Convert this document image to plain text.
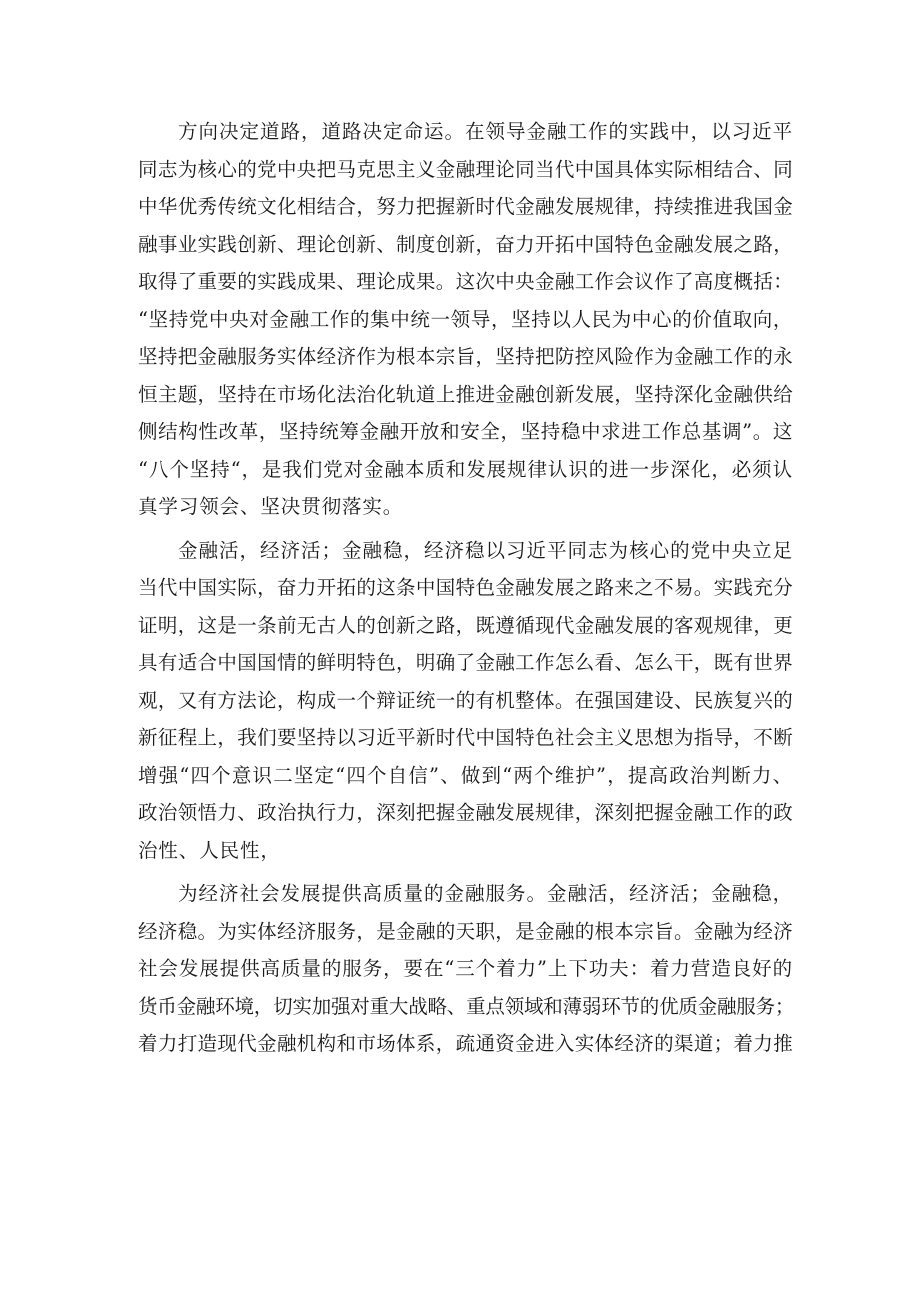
方向决定道路，道路决定命运。在领导金融工作的实践中，以习近平
同志为核心的党中央把马克思主义金融理论同当代中国具体实际相结合、同
中华优秀传统文化相结合，努力把握新时代金融发展规律，持续推进我国金
融事业实践创新、理论创新、制度创新，奋力开拓中国特色金融发展之路，
取得了重要的实践成果、理论成果。这次中央金融工作会议作了高度概括：
“坚持党中央对金融工作的集中统一领导，坚持以人民为中心的价值取向，
坚持把金融服务实体经济作为根本宗旨，坚持把防控风险作为金融工作的永
恒主题，坚持在市场化法治化轨道上推进金融创新发展，坚持深化金融供给
侧结构性改革，坚持统筹金融开放和安全，坚持稳中求进工作总基调”。这
“八个坚持“，是我们党对金融本质和发展规律认识的进一步深化，必须认
真学习领会、坚决贯彻落实。
金融活，经济活；金融稳，经济稳以习近平同志为核心的党中央立足
当代中国实际，奋力开拓的这条中国特色金融发展之路来之不易。实践充分
证明，这是一条前无古人的创新之路，既遵循现代金融发展的客观规律，更
具有适合中国国情的鲜明特色，明确了金融工作怎么看、怎么干，既有世界
观，又有方法论，构成一个辩证统一的有机整体。在强国建设、民族复兴的
新征程上，我们要坚持以习近平新时代中国特色社会主义思想为指导，不断
增强“四个意识二坚定“四个自信”、做到“两个维护”，提高政治判断力、
政治领悟力、政治执行力，深刻把握金融发展规律，深刻把握金融工作的政
治性、人民性，
为经济社会发展提供高质量的金融服务。金融活，经济活；金融稳，
经济稳。为实体经济服务，是金融的天职，是金融的根本宗旨。金融为经济
社会发展提供高质量的服务，要在“三个着力”上下功夫：着力营造良好的
货币金融环境，切实加强对重大战略、重点领域和薄弱环节的优质金融服务；
着力打造现代金融机构和市场体系，疏通资金进入实体经济的渠道；着力推
